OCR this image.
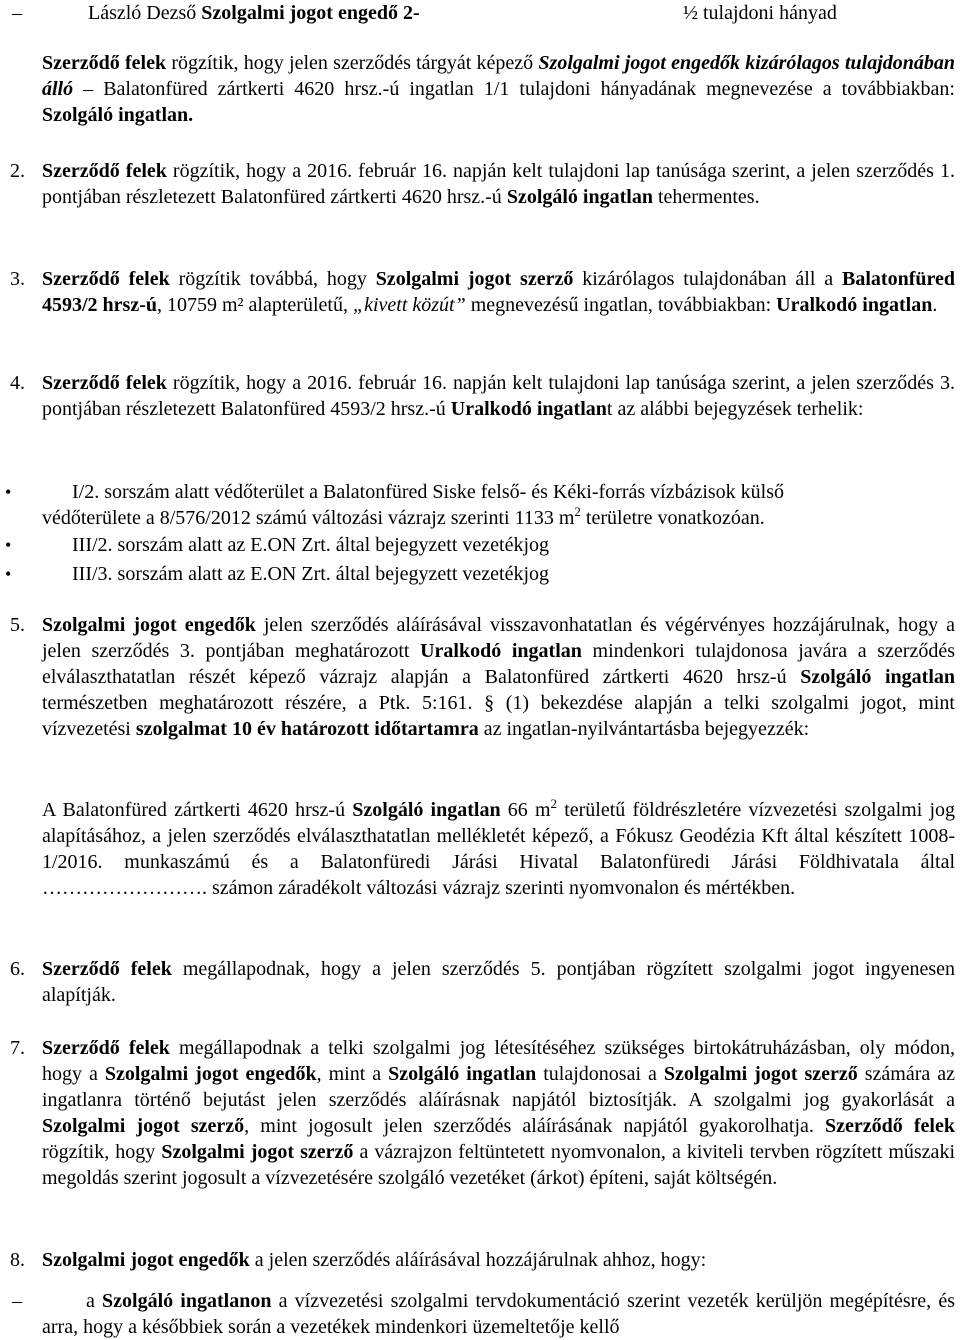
–	László Dezső Szolgalmi jogot engedő 2-	½ tulajdoni hányad
Szerződő felek rögzítik, hogy jelen szerződés tárgyát képező Szolgalmi jogot engedők kizárólagos tulajdonában álló – Balatonfüred zártkerti 4620 hrsz.-ú ingatlan 1/1 tulajdoni hányadának megnevezése a továbbiakban: Szolgáló ingatlan.
2. Szerződő felek rögzítik, hogy a 2016. február 16. napján kelt tulajdoni lap tanúsága szerint, a jelen szerződés 1. pontjában részletezett Balatonfüred zártkerti 4620 hrsz.-ú Szolgáló ingatlan tehermentes.
3. Szerződő felek rögzítik továbbá, hogy Szolgalmi jogot szerző kizárólagos tulajdonában áll a Balatonfüred 4593/2 hrsz-ú, 10759 m² alapterületű, „kivett közút” megnevezésű ingatlan, továbbiakban: Uralkodó ingatlan.
4. Szerződő felek rögzítik, hogy a 2016. február 16. napján kelt tulajdoni lap tanúsága szerint, a jelen szerződés 3. pontjában részletezett Balatonfüred 4593/2 hrsz.-ú Uralkodó ingatlant az alábbi bejegyzések terhelik:
•	I/2. sorszám alatt védőterület a Balatonfüred Siske felső- és Kéki-forrás vízbázisok külső
védőterülete a 8/576/2012 számú változási vázrajz szerinti 1133 $m^2$ területre vonatkozóan.
•	III/2. sorszám alatt az E.ON Zrt. által bejegyzett vezetékjog
•	III/3. sorszám alatt az E.ON Zrt. által bejegyzett vezetékjog
5. Szolgalmi jogot engedők jelen szerződés aláírásával visszavonhatatlan és végérvényes hozzájárulnak, hogy a jelen szerződés 3. pontjában meghatározott Uralkodó ingatlan mindenkori tulajdonosa javára a szerződés elválaszthatatlan részét képező vázrajz alapján a Balatonfüred zártkerti 4620 hrsz-ú Szolgáló ingatlan természetben meghatározott részére, a Ptk. 5:161. § (1) bekezdése alapján a telki szolgalmi jogot, mint vízvezetési szolgalmat 10 év határozott időtartamra az ingatlan-nyilvántartásba bejegyezzék:
A Balatonfüred zártkerti 4620 hrsz-ú Szolgáló ingatlan 66 $m^2$ területű földrészletére vízvezetési szolgalmi jog alapításához, a jelen szerződés elválaszthatatlan mellékletét képező, a Fókusz Geodézia Kft által készített 1008-1/2016. munkaszámú és a Balatonfüredi Járási Hivatal Balatonfüredi Járási Földhivatala által ……………………. számon záradékolt változási vázrajz szerinti nyomvonalon és mértékben.
6. Szerződő felek megállapodnak, hogy a jelen szerződés 5. pontjában rögzített szolgalmi jogot ingyenesen alapítják.
7. Szerződő felek megállapodnak a telki szolgalmi jog létesítéséhez szükséges birtokátruházásban, oly módon, hogy a Szolgalmi jogot engedők, mint a Szolgáló ingatlan tulajdonosai a Szolgalmi jogot szerző számára az ingatlanra történő bejutást jelen szerződés aláírásnak napjától biztosítják. A szolgalmi jog gyakorlását a Szolgalmi jogot szerző, mint jogosult jelen szerződés aláírásának napjától gyakorolhatja. Szerződő felek rögzítik, hogy Szolgalmi jogot szerző a vázrajzon feltüntetett nyomvonalon, a kiviteli tervben rögzített műszaki megoldás szerint jogosult a vízvezetésére szolgáló vezetéket (árkot) építeni, saját költségén.
8. Szolgalmi jogot engedők a jelen szerződés aláírásával hozzájárulnak ahhoz, hogy:
–	a Szolgáló ingatlanon a vízvezetési szolgalmi tervdokumentáció szerint vezeték kerüljön megépítésre, és arra, hogy a későbbiek során a vezetékek mindenkori üzemeltetője kellő
